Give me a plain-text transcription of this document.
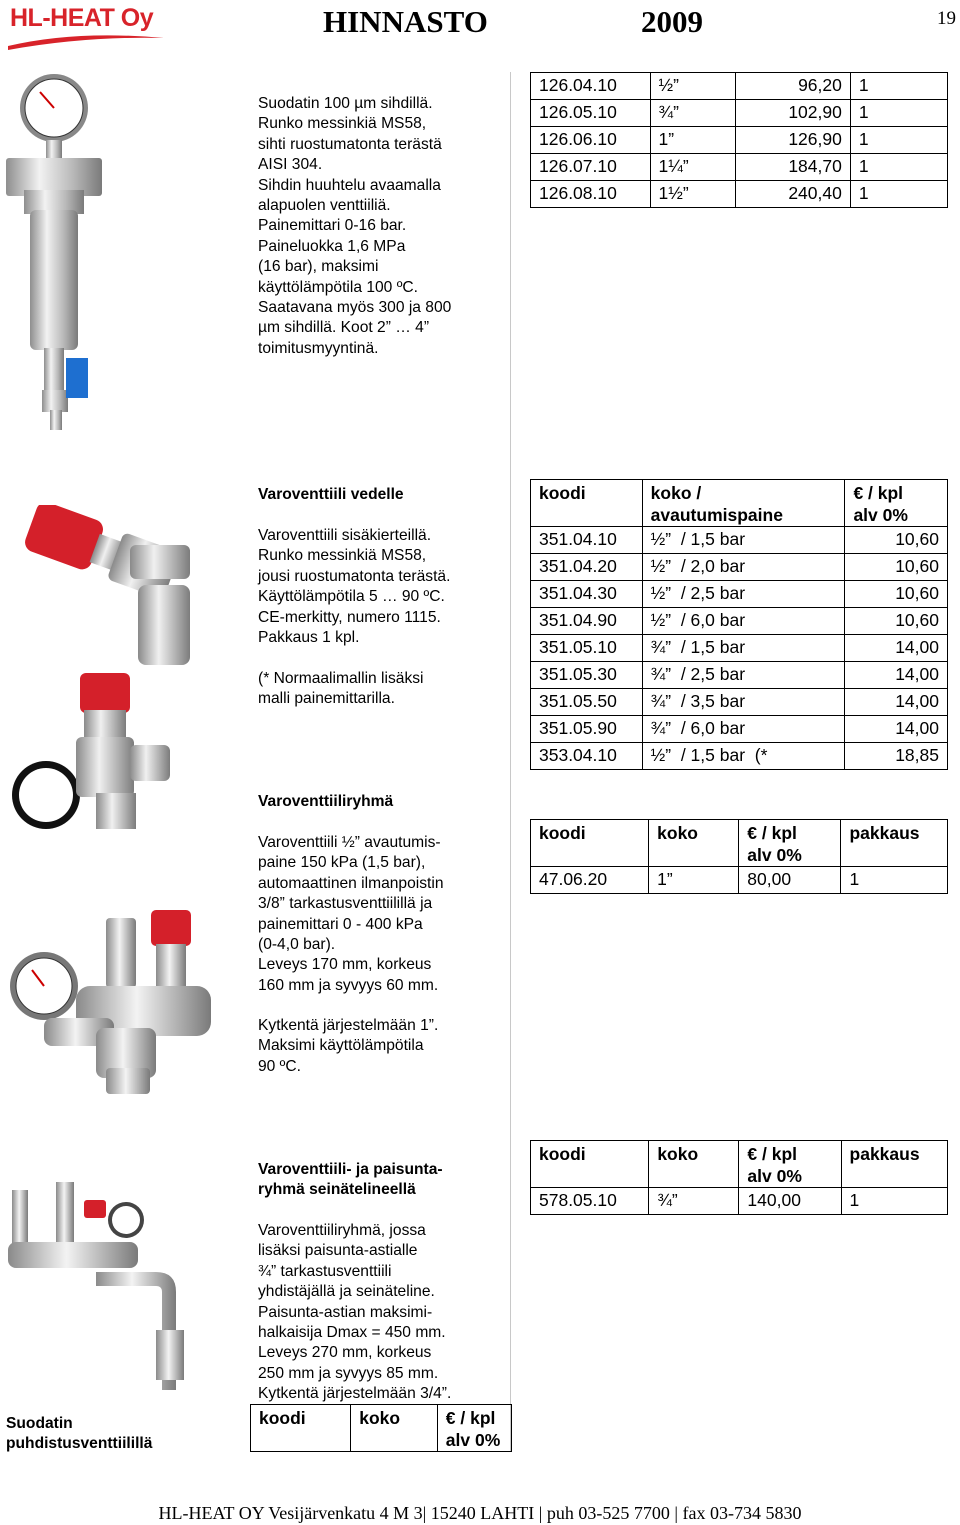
HL-HEAT Oy	HINNASTO	2009	19
Suodatin 100 µm sihdillä.
Runko messinkiä MS58,
sihti ruostumatonta terästä
AISI 304.
Sihdin huuhtelu avaamalla
alapuolen venttiiliä.
Painemittari 0-16 bar.
Paineluokka 1,6 MPa
(16 bar), maksimi
käyttölämpötila 100 ºC.
Saatavana myös 300 ja 800
µm sihdillä. Koot 2” … 4”
toimitusmyyntinä.
126.04.10	½”	96,20	1
126.05.10	¾”	102,90	1
126.06.10	1”	126,90	1
126.07.10	1¼”	184,70	1
126.08.10	1½”	240,40	1
Varoventtiili vedelle
Varoventtiili sisäkierteillä.
Runko messinkiä MS58,
jousi ruostumatonta terästä.
Käyttölämpötila 5 … 90 ºC.
CE-merkitty, numero 1115.
Pakkaus 1 kpl.
(* Normaalimallin lisäksi
malli painemittarilla.
koodi	koko /
avautumispaine	€ / kpl
alv 0%
351.04.10	½”  / 1,5 bar	10,60
351.04.20	½”  / 2,0 bar	10,60
351.04.30	½”  / 2,5 bar	10,60
351.04.90	½”  / 6,0 bar	10,60
351.05.10	¾”  / 1,5 bar	14,00
351.05.30	¾”  / 2,5 bar	14,00
351.05.50	¾”  / 3,5 bar	14,00
351.05.90	¾”  / 6,0 bar	14,00
353.04.10	½”  / 1,5 bar  (*	18,85
Varoventtiiliryhmä
Varoventtiili ½” avautumis-
paine 150 kPa (1,5 bar),
automaattinen ilmanpoistin
3/8” tarkastusventtiilillä ja
painemittari 0 - 400 kPa
(0-4,0 bar).
Leveys 170 mm, korkeus
160 mm ja syvyys 60 mm.
Kytkentä järjestelmään 1”.
Maksimi käyttölämpötila
90 ºC.
koodi	koko	€ / kpl
alv 0%	pakkaus
47.06.20	1”	80,00	1
Suodatin
puhdistusventtiilillä
Varoventtiili- ja paisunta-
ryhmä seinätelineellä
Varoventtiiliryhmä, jossa
lisäksi paisunta-astialle
¾” tarkastusventtiili
yhdistäjällä ja seinäteline.
Paisunta-astian maksimi-
halkaisija Dmax = 450 mm.
Leveys 270 mm, korkeus
250 mm ja syvyys 85 mm.
Kytkentä järjestelmään 3/4”.
koodi	koko	€ / kpl
alv 0%	pakkaus
578.05.10	¾”	140,00	1
koodi	koko	€ / kpl
alv 0%
HL-HEAT OY Vesijärvenkatu 4 M 3| 15240 LAHTI | puh 03-525 7700 | fax 03-734 5830
